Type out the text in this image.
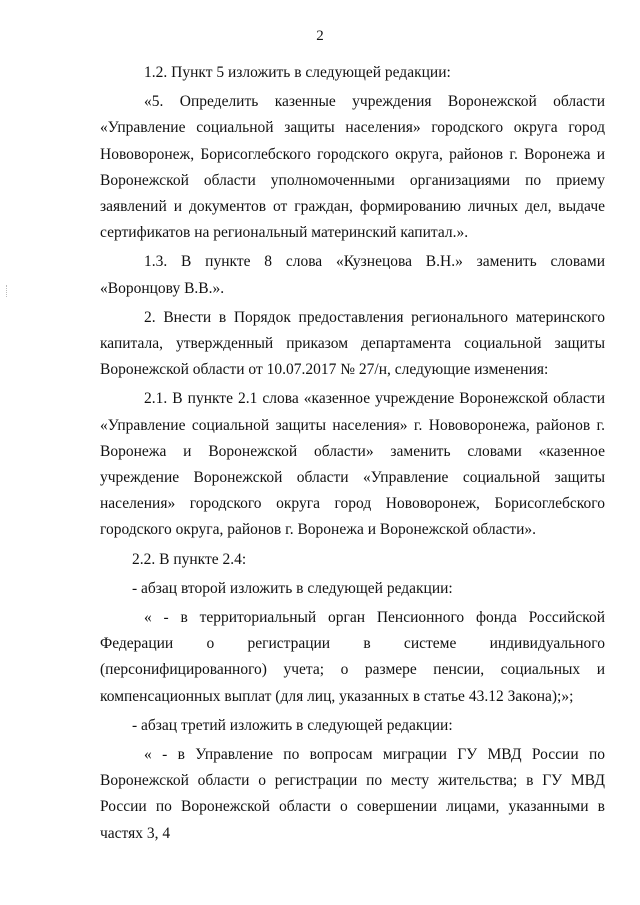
2

1.2. Пункт 5 изложить в следующей редакции:

«5. Определить казенные учреждения Воронежской области «Управление социальной защиты населения» городского округа город Нововоронеж, Борисоглебского городского округа, районов г. Воронежа и Воронежской области уполномоченными организациями по приему заявлений и документов от граждан, формированию личных дел, выдаче сертификатов на региональный материнский капитал.».

1.3. В пункте 8 слова «Кузнецова В.Н.» заменить словами «Воронцову В.В.».

2. Внести в Порядок предоставления регионального материнского капитала, утвержденный приказом департамента социальной защиты Воронежской области от 10.07.2017 № 27/н, следующие изменения:

2.1. В пункте 2.1 слова «казенное учреждение Воронежской области «Управление социальной защиты населения» г. Нововоронежа, районов г. Воронежа и Воронежской области» заменить словами «казенное учреждение Воронежской области «Управление социальной защиты населения» городского округа город Нововоронеж, Борисоглебского городского округа, районов г. Воронежа и Воронежской области».

2.2. В пункте 2.4:

- абзац второй изложить в следующей редакции:

« - в территориальный орган Пенсионного фонда Российской Федерации о регистрации в системе индивидуального (персонифицированного) учета; о размере пенсии, социальных и компенсационных выплат (для лиц, указанных в статье 43.12 Закона);»;

- абзац третий изложить в следующей редакции:

« - в Управление по вопросам миграции ГУ МВД России по Воронежской области о регистрации по месту жительства; в ГУ МВД России по Воронежской области о совершении лицами, указанными в частях 3, 4
